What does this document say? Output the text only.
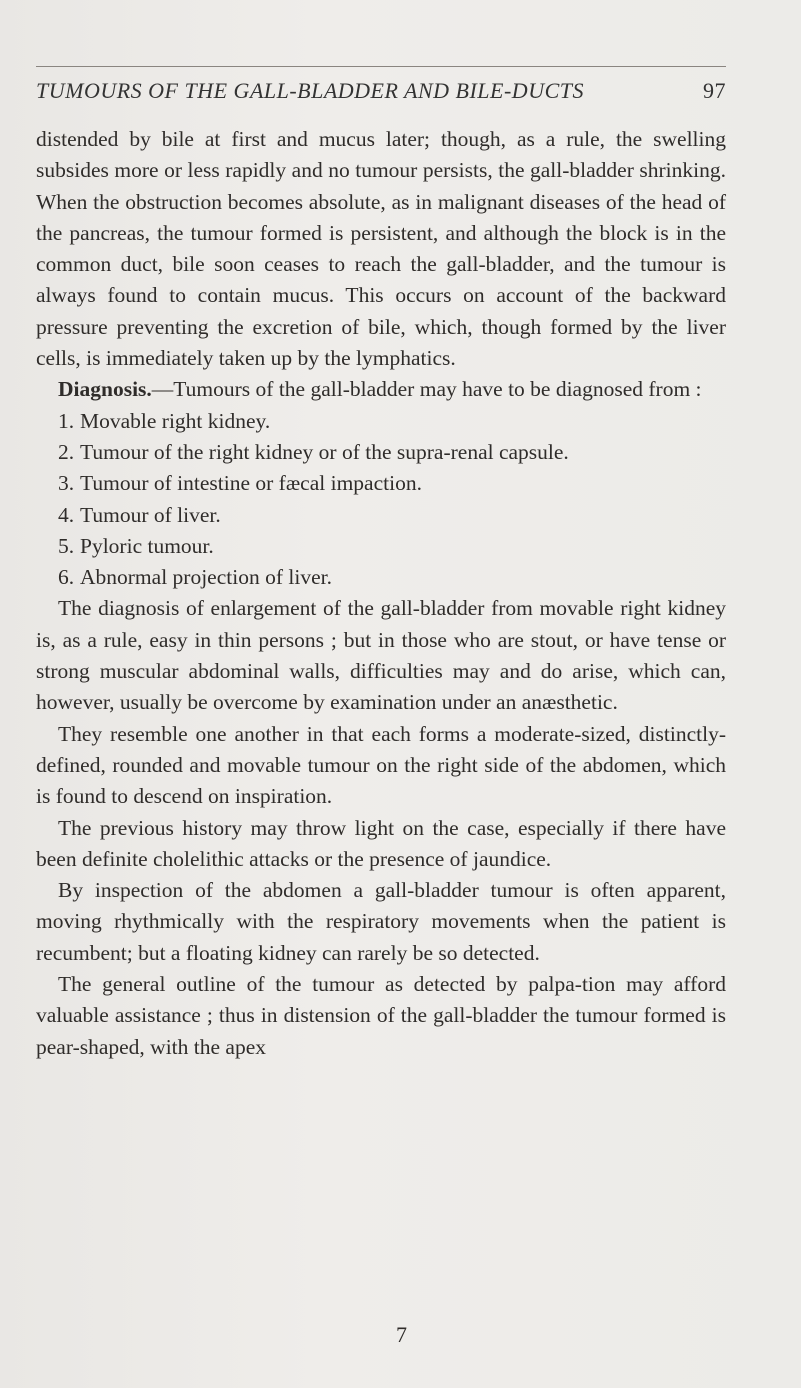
TUMOURS OF THE GALL-BLADDER AND BILE-DUCTS	97

distended by bile at first and mucus later; though, as a rule, the swelling subsides more or less rapidly and no tumour persists, the gall-bladder shrinking. When the obstruction becomes absolute, as in malignant diseases of the head of the pancreas, the tumour formed is persistent, and although the block is in the common duct, bile soon ceases to reach the gall-bladder, and the tumour is always found to contain mucus. This occurs on account of the backward pressure preventing the excretion of bile, which, though formed by the liver cells, is immediately taken up by the lymphatics.

Diagnosis.—Tumours of the gall-bladder may have to be diagnosed from :

1. Movable right kidney.
2. Tumour of the right kidney or of the supra-renal capsule.
3. Tumour of intestine or fæcal impaction.
4. Tumour of liver.
5. Pyloric tumour.
6. Abnormal projection of liver.

The diagnosis of enlargement of the gall-bladder from movable right kidney is, as a rule, easy in thin persons ; but in those who are stout, or have tense or strong muscular abdominal walls, difficulties may and do arise, which can, however, usually be overcome by examination under an anæsthetic.

They resemble one another in that each forms a moderate-sized, distinctly-defined, rounded and movable tumour on the right side of the abdomen, which is found to descend on inspiration.

The previous history may throw light on the case, especially if there have been definite cholelithic attacks or the presence of jaundice.

By inspection of the abdomen a gall-bladder tumour is often apparent, moving rhythmically with the respiratory movements when the patient is recumbent; but a floating kidney can rarely be so detected.

The general outline of the tumour as detected by palpa-tion may afford valuable assistance ; thus in distension of the gall-bladder the tumour formed is pear-shaped, with the apex

7
